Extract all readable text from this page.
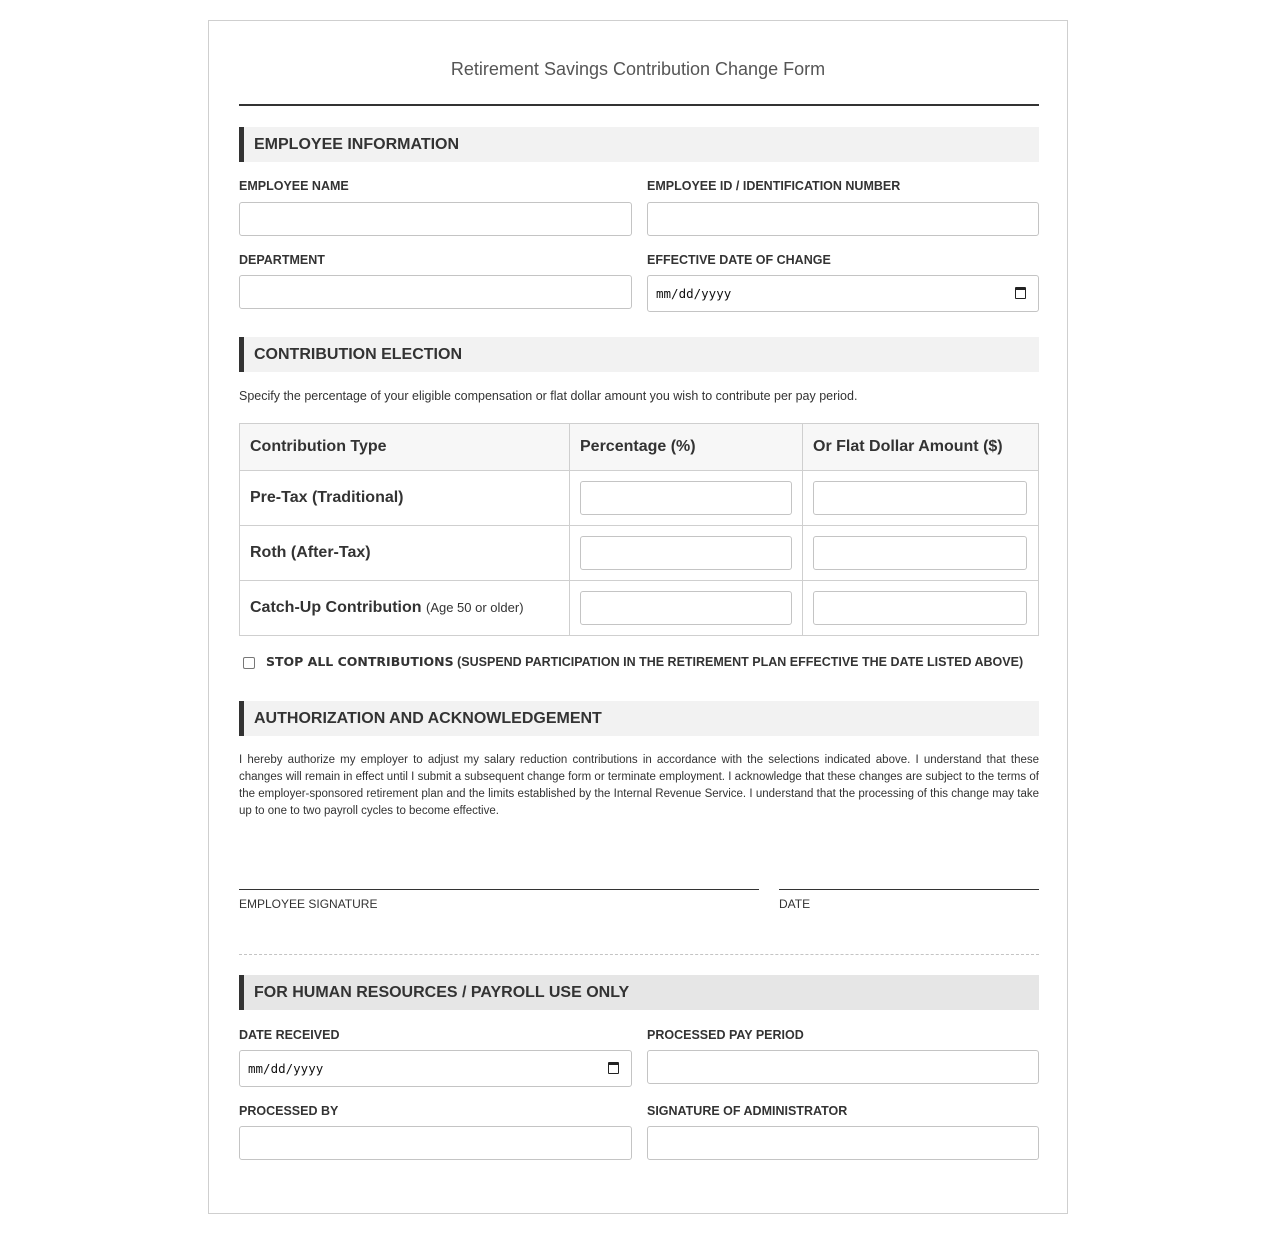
Retirement Savings Contribution Change Form
EMPLOYEE INFORMATION
EMPLOYEE NAME	EMPLOYEE ID / IDENTIFICATION NUMBER
DEPARTMENT	EFFECTIVE DATE OF CHANGE
mm/dd/yyyy
CONTRIBUTION ELECTION
Specify the percentage of your eligible compensation or flat dollar amount you wish to contribute per pay period.
Contribution Type	Percentage (%)	Or Flat Dollar Amount ($)
Pre-Tax (Traditional)	

Roth (After-Tax)	

Catch-Up Contribution (Age 50 or older)	

STOP ALL CONTRIBUTIONS (SUSPEND PARTICIPATION IN THE RETIREMENT PLAN EFFECTIVE THE DATE LISTED ABOVE)
AUTHORIZATION AND ACKNOWLEDGEMENT
I hereby authorize my employer to adjust my salary reduction contributions in accordance with the selections indicated above. I understand that these changes will remain in effect until I submit a subsequent change form or terminate employment. I acknowledge that these changes are subject to the terms of the employer-sponsored retirement plan and the limits established by the Internal Revenue Service. I understand that the processing of this change may take up to one to two payroll cycles to become effective.
EMPLOYEE SIGNATURE	DATE
FOR HUMAN RESOURCES / PAYROLL USE ONLY
DATE RECEIVED
mm/dd/yyyy
PROCESSED PAY PERIOD
PROCESSED BY	SIGNATURE OF ADMINISTRATOR
